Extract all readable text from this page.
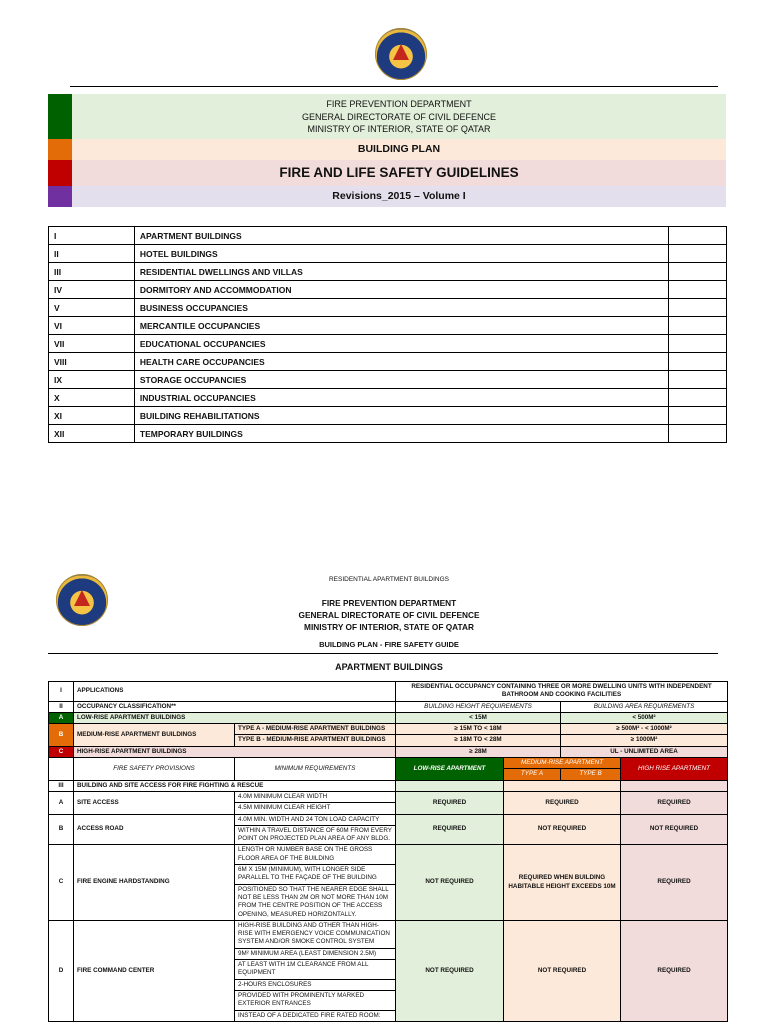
FIRE PREVENTION DEPARTMENT
GENERAL DIRECTORATE OF CIVIL DEFENCE
MINISTRY OF INTERIOR, STATE OF QATAR
BUILDING PLAN
FIRE AND LIFE SAFETY GUIDELINES
Revisions_2015 – Volume I
I	APARTMENT BUILDINGS	
II	HOTEL BUILDINGS	
III	RESIDENTIAL DWELLINGS AND VILLAS	
IV	DORMITORY AND ACCOMMODATION	
V	BUSINESS OCCUPANCIES	
VI	MERCANTILE OCCUPANCIES	
VII	EDUCATIONAL OCCUPANCIES	
VIII	HEALTH CARE OCCUPANCIES	
IX	STORAGE OCCUPANCIES	
X	INDUSTRIAL OCCUPANCIES	
XI	BUILDING REHABILITATIONS	
XII	TEMPORARY BUILDINGS	
RESIDENTIAL APARTMENT BUILDINGS
FIRE PREVENTION DEPARTMENT
GENERAL DIRECTORATE OF CIVIL DEFENCE
MINISTRY OF INTERIOR, STATE OF QATAR
BUILDING PLAN - FIRE SAFETY GUIDE
APARTMENT BUILDINGS
I	APPLICATIONS		RESIDENTIAL OCCUPANCY CONTAINING THREE OR MORE DWELLING UNITS WITH INDEPENDENT BATHROOM AND COOKING FACILITIES			
II	OCCUPANCY CLASSIFICATION**		BUILDING HEIGHT REQUIREMENTS		BUILDING AREA REQUIREMENTS	
A	LOW-RISE APARTMENT BUILDINGS		< 15M		< 500M²	
B	MEDIUM-RISE APARTMENT BUILDINGS	TYPE A - MEDIUM-RISE APARTMENT BUILDINGS	≥ 15M TO < 18M		≥ 500M² - < 1000M²	
		TYPE B - MEDIUM-RISE APARTMENT BUILDINGS	≥ 18M TO < 28M		≥ 1000M²	
C	HIGH-RISE APARTMENT BUILDINGS		≥ 28M		UL - UNLIMITED AREA	
	FIRE SAFETY PROVISIONS	MINIMUM REQUIREMENTS	LOW-RISE APARTMENT	MEDIUM-RISE APARTMENT		HIGH RISE APARTMENT
				TYPE A	TYPE B	
III	BUILDING AND SITE ACCESS FOR FIRE FIGHTING & RESCUE					
A	SITE ACCESS	4.0M MINIMUM CLEAR WIDTH	REQUIRED	REQUIRED		REQUIRED
		4.5M MINIMUM CLEAR HEIGHT				
B	ACCESS ROAD	4.0M MIN. WIDTH AND 24 TON LOAD CAPACITY	REQUIRED	NOT REQUIRED		NOT REQUIRED
		WITHIN A TRAVEL DISTANCE OF 60M FROM EVERY POINT ON PROJECTED PLAN AREA OF ANY BLDG.				
C	FIRE ENGINE HARDSTANDING	LENGTH OR NUMBER BASE ON THE GROSS FLOOR AREA OF THE BUILDING	NOT REQUIRED	REQUIRED WHEN BUILDING HABITABLE HEIGHT EXCEEDS 10M		REQUIRED
		6M X 15M (MINIMUM), WITH LONGER SIDE PARALLEL TO THE FAÇADE OF THE BUILDING				
		POSITIONED SO THAT THE NEARER EDGE SHALL NOT BE LESS THAN 2M OR NOT MORE THAN 10M FROM THE CENTRE POSITION OF THE ACCESS OPENING, MEASURED HORIZONTALLY.				
D	FIRE COMMAND CENTER	HIGH-RISE BUILDING AND OTHER THAN HIGH-RISE WITH EMERGENCY VOICE COMMUNICATION SYSTEM AND/OR SMOKE CONTROL SYSTEM	NOT REQUIRED	NOT REQUIRED		REQUIRED
		9M² MINIMUM AREA (LEAST DIMENSION 2.5M)				
		AT LEAST WITH 1M CLEARANCE FROM ALL EQUIPMENT				
		2-HOURS ENCLOSURES				
		PROVIDED WITH PROMINENTLY MARKED EXTERIOR ENTRANCES				
		INSTEAD OF A DEDICATED FIRE RATED ROOM:				
